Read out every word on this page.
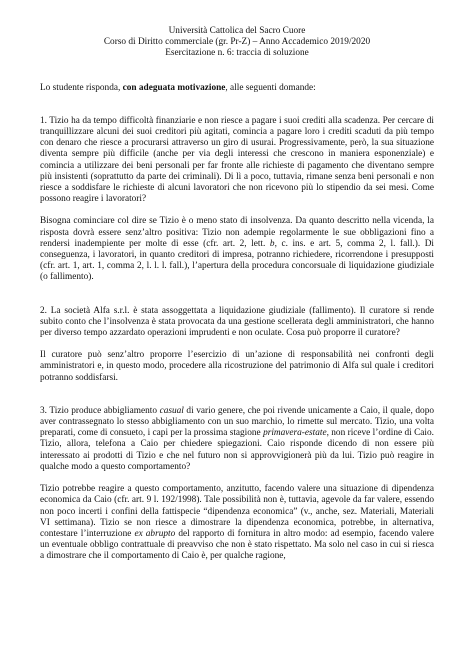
Università Cattolica del Sacro Cuore
Corso di Diritto commerciale (gr. Pr-Z) – Anno Accademico 2019/2020
Esercitazione n. 6: traccia di soluzione

Lo studente risponda, con adeguata motivazione, alle seguenti domande:

1. Tizio ha da tempo difficoltà finanziarie e non riesce a pagare i suoi crediti alla scadenza. Per cercare di tranquillizzare alcuni dei suoi creditori più agitati, comincia a pagare loro i crediti scaduti da più tempo con denaro che riesce a procurarsi attraverso un giro di usurai. Progressivamente, però, la sua situazione diventa sempre più difficile (anche per via degli interessi che crescono in maniera esponenziale) e comincia a utilizzare dei beni personali per far fronte alle richieste di pagamento che diventano sempre più insistenti (soprattutto da parte dei criminali). Di lì a poco, tuttavia, rimane senza beni personali e non riesce a soddisfare le richieste di alcuni lavoratori che non ricevono più lo stipendio da sei mesi. Come possono reagire i lavoratori?

Bisogna cominciare col dire se Tizio è o meno stato di insolvenza. Da quanto descritto nella vicenda, la risposta dovrà essere senz’altro positiva: Tizio non adempie regolarmente le sue obbligazioni fino a rendersi inadempiente per molte di esse (cfr. art. 2, lett. b, c. ins. e art. 5, comma 2, l. fall.). Di conseguenza, i lavoratori, in quanto creditori di impresa, potranno richiedere, ricorrendone i presupposti (cfr. art. 1, art. 1, comma 2, l. l. l. fall.), l’apertura della procedura concorsuale di liquidazione giudiziale (o fallimento).

2. La società Alfa s.r.l. è stata assoggettata a liquidazione giudiziale (fallimento). Il curatore si rende subito conto che l’insolvenza è stata provocata da una gestione scellerata degli amministratori, che hanno per diverso tempo azzardato operazioni imprudenti e non oculate. Cosa può proporre il curatore?

Il curatore può senz’altro proporre l’esercizio di un’azione di responsabilità nei confronti degli amministratori e, in questo modo, procedere alla ricostruzione del patrimonio di Alfa sul quale i creditori potranno soddisfarsi.

3. Tizio produce abbigliamento casual di vario genere, che poi rivende unicamente a Caio, il quale, dopo aver contrassegnato lo stesso abbigliamento con un suo marchio, lo rimette sul mercato. Tizio, una volta preparati, come di consueto, i capi per la prossima stagione primavera-estate, non riceve l’ordine di Caio. Tizio, allora, telefona a Caio per chiedere spiegazioni. Caio risponde dicendo di non essere più interessato ai prodotti di Tizio e che nel futuro non si approvvigionerà più da lui. Tizio può reagire in qualche modo a questo comportamento?

Tizio potrebbe reagire a questo comportamento, anzitutto, facendo valere una situazione di dipendenza economica da Caio (cfr. art. 9 l. 192/1998). Tale possibilità non è, tuttavia, agevole da far valere, essendo non poco incerti i confini della fattispecie “dipendenza economica” (v., anche, sez. Materiali, Materiali VI settimana). Tizio se non riesce a dimostrare la dipendenza economica, potrebbe, in alternativa, contestare l’interruzione ex abrupto del rapporto di fornitura in altro modo: ad esempio, facendo valere un eventuale obbligo contrattuale di preavviso che non è stato rispettato. Ma solo nel caso in cui si riesca a dimostrare che il comportamento di Caio è, per qualche ragione,
